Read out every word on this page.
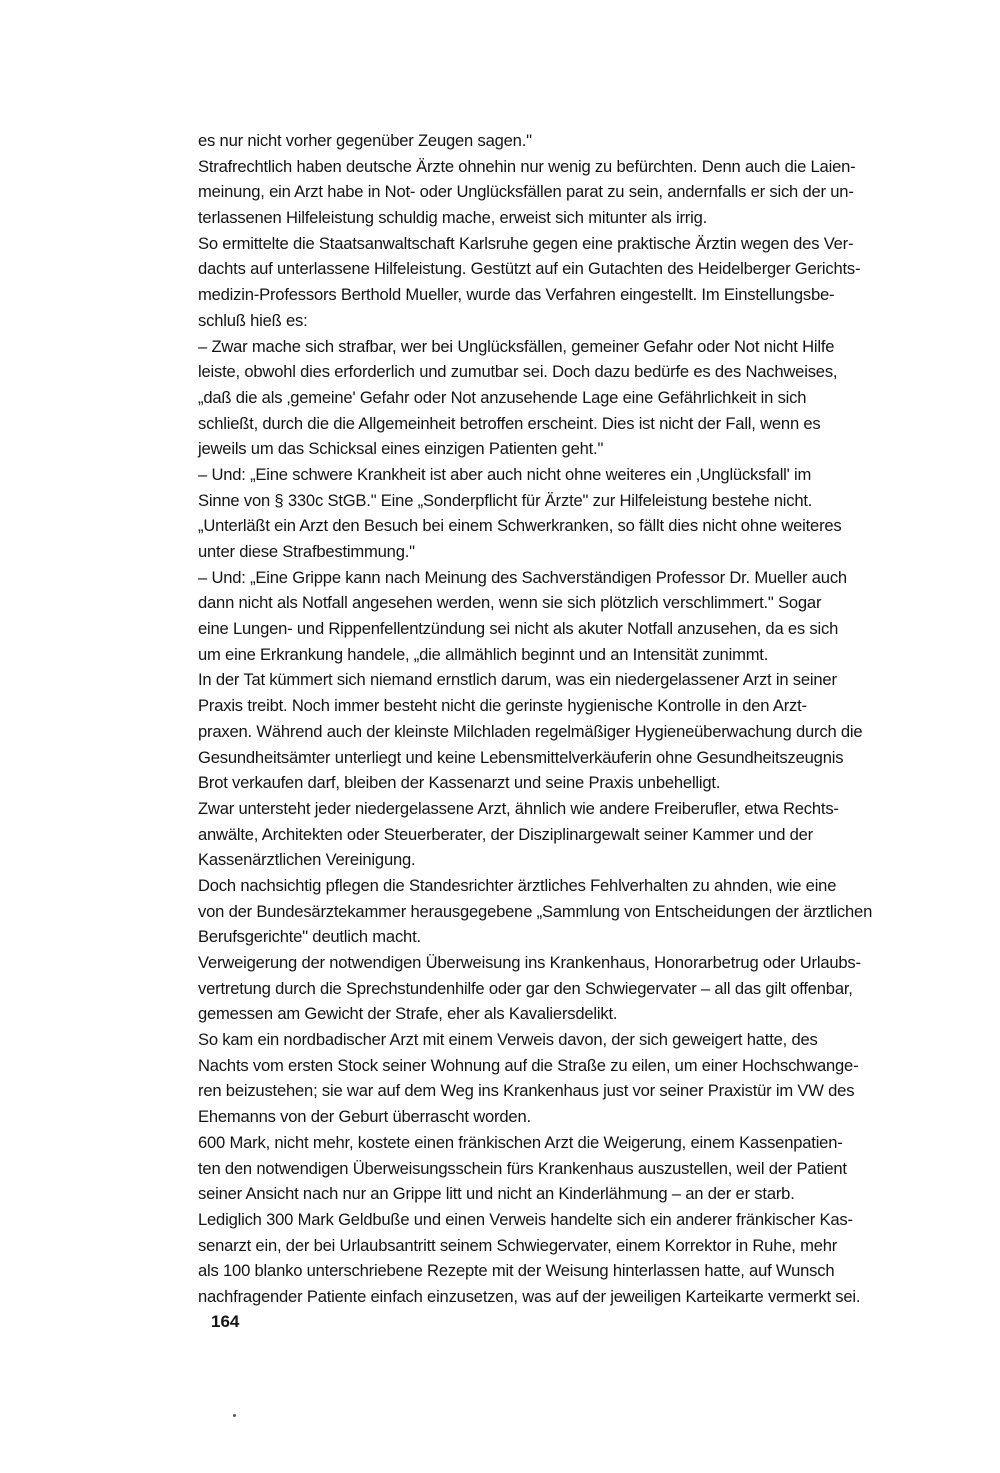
es nur nicht vorher gegenüber Zeugen sagen."
Strafrechtlich haben deutsche Ärzte ohnehin nur wenig zu befürchten. Denn auch die Laien-
meinung, ein Arzt habe in Not- oder Unglücksfällen parat zu sein, andernfalls er sich der un-
terlassenen Hilfeleistung schuldig mache, erweist sich mitunter als irrig.
So ermittelte die Staatsanwaltschaft Karlsruhe gegen eine praktische Ärztin wegen des Ver-
dachts auf unterlassene Hilfeleistung. Gestützt auf ein Gutachten des Heidelberger Gerichts-
medizin-Professors Berthold Mueller, wurde das Verfahren eingestellt. Im Einstellungsbe-
schluß hieß es:
– Zwar mache sich strafbar, wer bei Unglücksfällen, gemeiner Gefahr oder Not nicht Hilfe
leiste, obwohl dies erforderlich und zumutbar sei. Doch dazu bedürfe es des Nachweises,
„daß die als ‚gemeine' Gefahr oder Not anzusehende Lage eine Gefährlichkeit in sich
schließt, durch die die Allgemeinheit betroffen erscheint. Dies ist nicht der Fall, wenn es
jeweils um das Schicksal eines einzigen Patienten geht."
– Und: „Eine schwere Krankheit ist aber auch nicht ohne weiteres ein ‚Unglücksfall' im
Sinne von § 330c StGB." Eine „Sonderpflicht für Ärzte" zur Hilfeleistung bestehe nicht.
„Unterläßt ein Arzt den Besuch bei einem Schwerkranken, so fällt dies nicht ohne weiteres
unter diese Strafbestimmung."
– Und: „Eine Grippe kann nach Meinung des Sachverständigen Professor Dr. Mueller auch
dann nicht als Notfall angesehen werden, wenn sie sich plötzlich verschlimmert." Sogar
eine Lungen- und Rippenfellentzündung sei nicht als akuter Notfall anzusehen, da es sich
um eine Erkrankung handele, „die allmählich beginnt und an Intensität zunimmt.
In der Tat kümmert sich niemand ernstlich darum, was ein niedergelassener Arzt in seiner
Praxis treibt. Noch immer besteht nicht die gerinste hygienische Kontrolle in den Arzt-
praxen. Während auch der kleinste Milchladen regelmäßiger Hygieneüberwachung durch die
Gesundheitsämter unterliegt und keine Lebensmittelverkäuferin ohne Gesundheitszeugnis
Brot verkaufen darf, bleiben der Kassenarzt und seine Praxis unbehelligt.
Zwar untersteht jeder niedergelassene Arzt, ähnlich wie andere Freiberufler, etwa Rechts-
anwälte, Architekten oder Steuerberater, der Disziplinargewalt seiner Kammer und der
Kassenärztlichen Vereinigung.
Doch nachsichtig pflegen die Standesrichter ärztliches Fehlverhalten zu ahnden, wie eine
von der Bundesärztekammer herausgegebene „Sammlung von Entscheidungen der ärztlichen
Berufsgerichte" deutlich macht.
Verweigerung der notwendigen Überweisung ins Krankenhaus, Honorarbetrug oder Urlaubs-
vertretung durch die Sprechstundenhilfe oder gar den Schwiegervater – all das gilt offenbar,
gemessen am Gewicht der Strafe, eher als Kavaliersdelikt.
So kam ein nordbadischer Arzt mit einem Verweis davon, der sich geweigert hatte, des
Nachts vom ersten Stock seiner Wohnung auf die Straße zu eilen, um einer Hochschwange-
ren beizustehen; sie war auf dem Weg ins Krankenhaus just vor seiner Praxistür im VW des
Ehemanns von der Geburt überrascht worden.
600 Mark, nicht mehr, kostete einen fränkischen Arzt die Weigerung, einem Kassenpatien-
ten den notwendigen Überweisungsschein fürs Krankenhaus auszustellen, weil der Patient
seiner Ansicht nach nur an Grippe litt und nicht an Kinderlähmung – an der er starb.
Lediglich 300 Mark Geldbuße und einen Verweis handelte sich ein anderer fränkischer Kas-
senarzt ein, der bei Urlaubsantritt seinem Schwiegervater, einem Korrektor in Ruhe, mehr
als 100 blanko unterschriebene Rezepte mit der Weisung hinterlassen hatte, auf Wunsch
nachfragender Patiente einfach einzusetzen, was auf der jeweiligen Karteikarte vermerkt sei.
164
